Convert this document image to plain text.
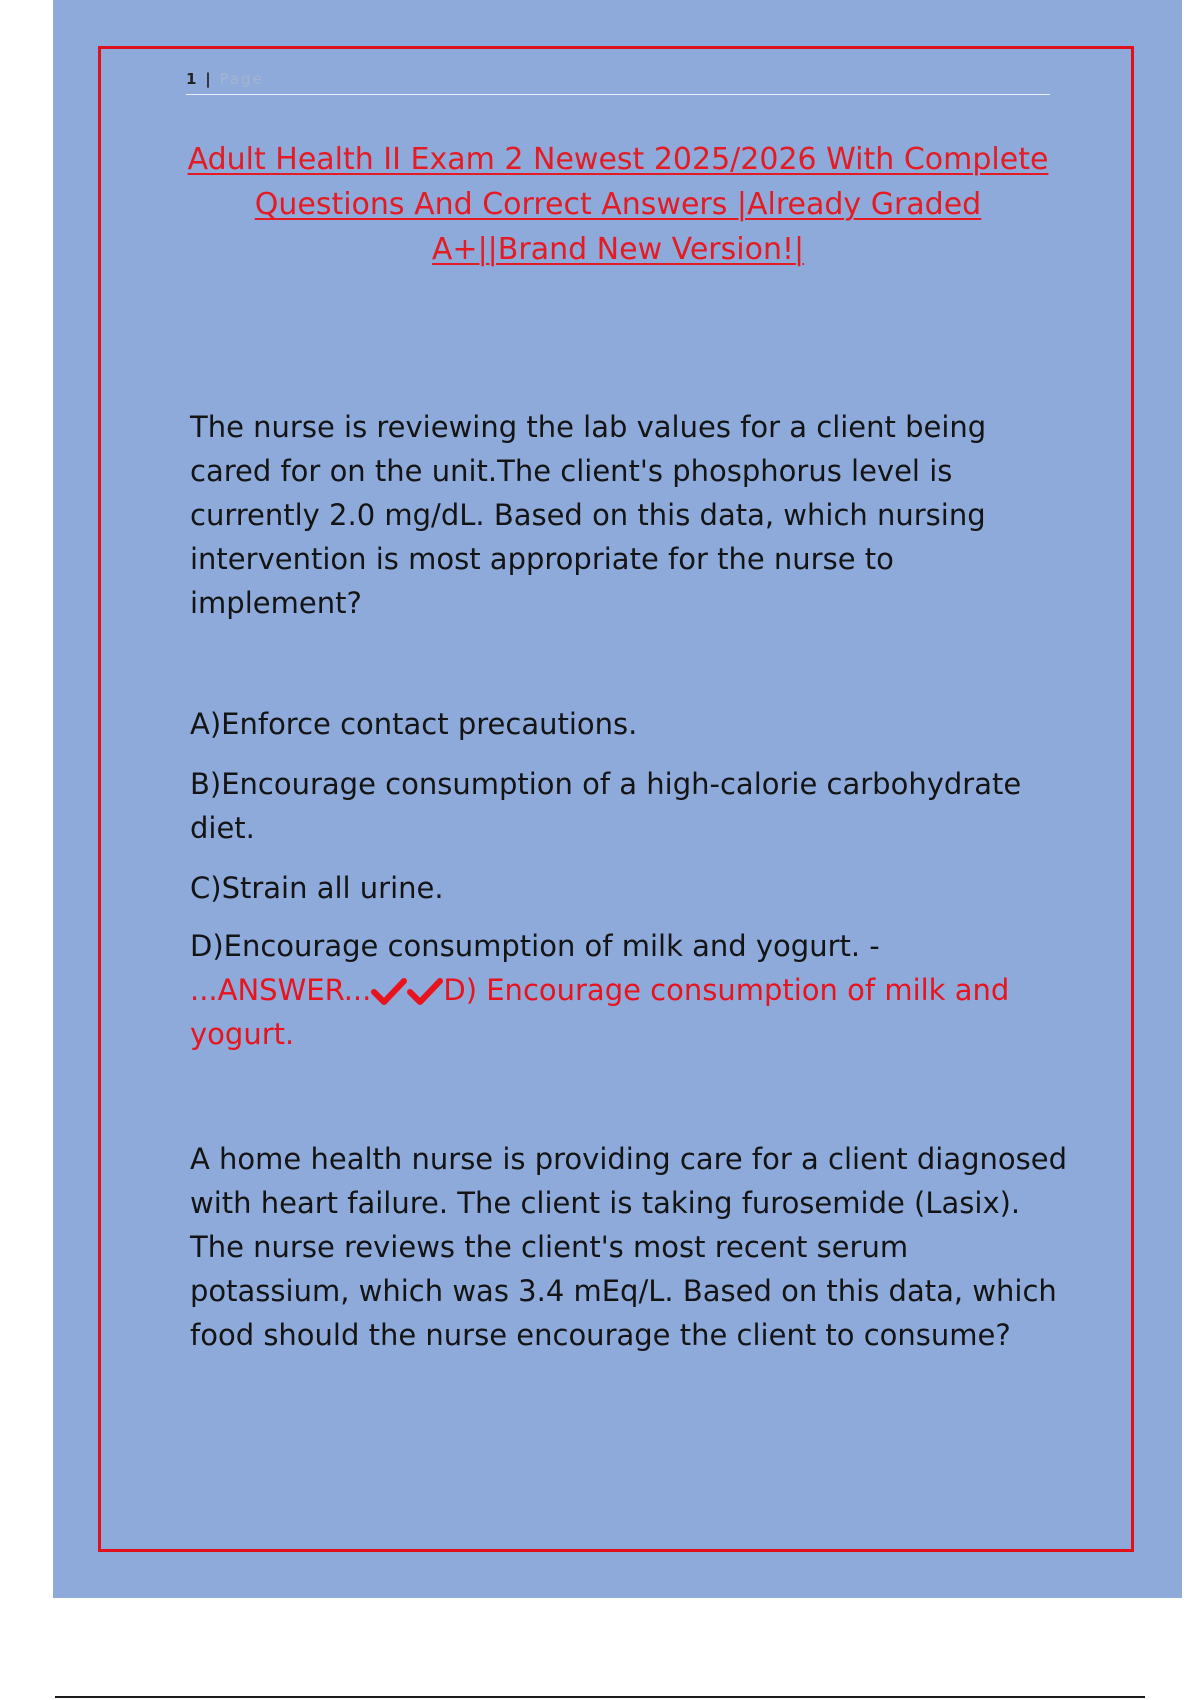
1 | Page
Adult Health II Exam 2 Newest 2025/2026 With Complete Questions And Correct Answers |Already Graded A+||Brand New Version!|

The nurse is reviewing the lab values for a client being cared for on the unit.The client's phosphorus level is currently 2.0 mg/dL. Based on this data, which nursing intervention is most appropriate for the nurse to implement?

A)Enforce contact precautions.

B)Encourage consumption of a high-calorie carbohydrate diet.

C)Strain all urine.

D)Encourage consumption of milk and yogurt. -
...ANSWER... D) Encourage consumption of milk and yogurt.

A home health nurse is providing care for a client diagnosed with heart failure. The client is taking furosemide (Lasix). The nurse reviews the client's most recent serum potassium, which was 3.4 mEq/L. Based on this data, which food should the nurse encourage the client to consume?
